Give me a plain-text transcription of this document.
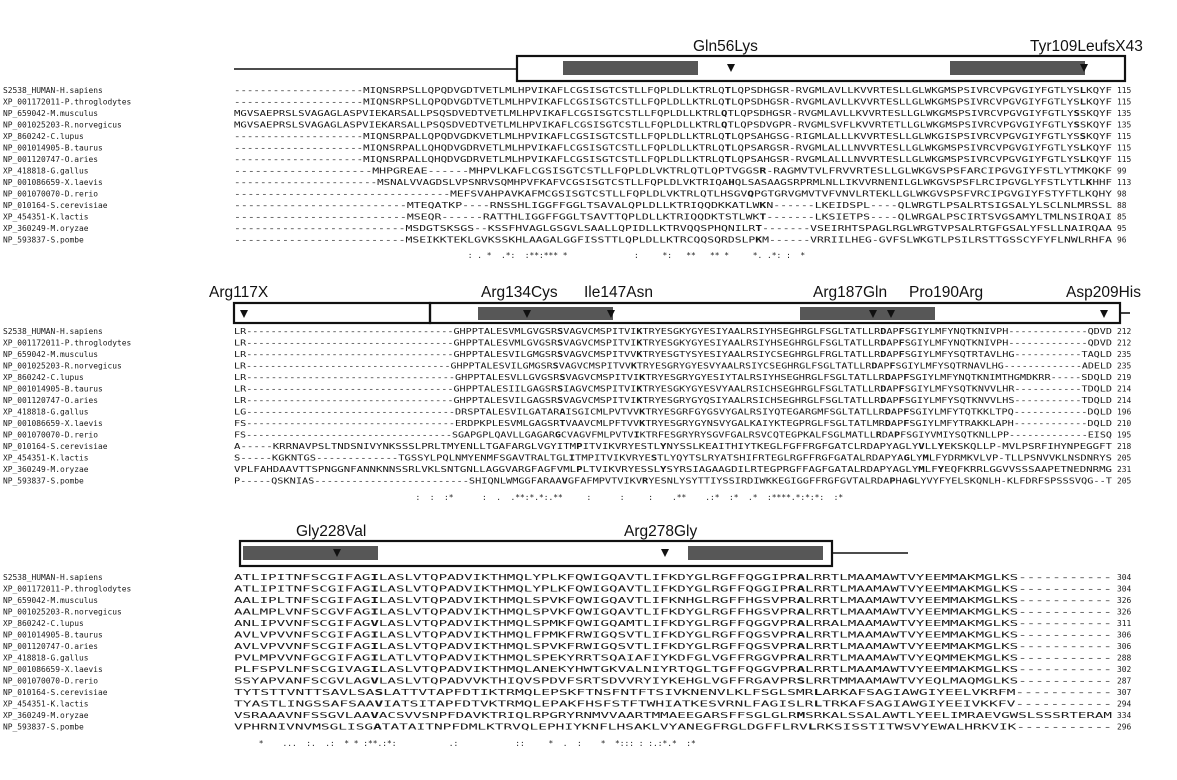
Gln56Lys	Tyr109LeufsX43
Arg117X	Arg134Cys Ile147Asn	Arg187Gln Pro190Arg	Asp209His
Gly228Val	Arg278Gly
S2538_HUMAN-H.sapiens	--------------------MIQNSRPSLLQPQDVGDTVETLMLHPVIKAFLCGSISGTCSTLLFQPLDLLKTRLQ	T LQPSDHGSR-RVGMLAVLLKVVRTESLLGLWKGMSPSIVRCVPGVGIYFGTLYS	L KQYF	115
XP_001172011-P.throglodytes	--------------------MIQNSRPSLLQPQDVGDTVETLMLHPVIKAFLCGSISGTCSTLLFQPLDLLKTRLQ	T LQPSDHGSR-RVGMLAVLLKVVRTESLLGLWKGMSPSIVRCVPGVGIYFGTLYS	L KQYF	115
NP_659042-M.musculus	MGVSAEPRSLSVAGAGLASPVIEKARSALLPSQSDVEDTVETLMLHPVIKAFLCGSISGTCSTLLFQPLDLLKTRL	Q TLQPSDHGSR-RVGMLAVLLKVVRTESLLGLWKGMSPSIVRCVPGVGIYFGTLY	S SKQYF	135
NP_001025203-R.norvegicus	MGVSAEPRSLSVAGAGLASPVIEKARSALLPSQSDVEDTVETLMLHPVIKAFLCGSISGTCSTLLFQPLDLLKTRL	Q TLQPSDVGPR-RVGMLSVFLKVVRTETLLGLWKGMSPSIVRCVPGVGIYFGTLY	S SKQYF	135
XP_860242-C.lupus	--------------------MIQNSRPALLQPQDVGDKVETLMLHPVIKAFLCGSISGTCSTLLFQPLDLLKTRLQ	T LQPSAHGSG-RIGMLALLLKVVRTESLLGLWKGISPSIVRCVPGVGIYFGTLYS	S KQYF	115
NP_001014905-B.taurus	--------------------MIQNSRPALLQHQDVGDRVETLMLHPVIKAFLCGSISGTCSTLLFQPLDLLKTRLQ	T LQPSARGSR-RVGMLALLLNVVRTESLLGLWKGMSPSIVRCVPGVGIYFGTLYS	L KQYF	115
NP_001120747-O.aries	--------------------MIQNSRPALLQHQDVGDRVETLMLHPVIKAFLCGSISGTCSTLLFQPLDLLKTRLQ	T LQPSAHGSR-RVGMLALLLNVVRTESLLGLWKGMSPSIVRCVPGVGIYFGTLYS	L KQYF	115
XP_418818-G.gallus	--------------------MHPGREAE------MHPVLKAFLCGSISGTCSTLLFQPLDLVKTRLQTLQPTVGGS	R -RAGMVTVLFRVVRTESLLGLWKGVSPSFARCIPGVGIYFSTLYTMKQKF	99
NP_001086659-X.laevis	----------------------MSNALVVAGDSLVPSNRVSQMHPVFKAFVCGSISGTCSTLLFQPLDLVKTRIQA	H QLSASAAGSRPRMLNLLIKVVRNENILGLWKGVSPSFLRCIPGVGLYFSTLYTL	K HHF	113
NP_001070070-D.rerio	--------------------------------MEFSVAHPAVKAFMCGSISGTCSTLLFQPLDLVKTRLQTLHSGV	Q PGTGRVGMVTVFVNVLRTEKLLGLWKGVSPSFVRCIPGVGIYFSTYFTLKQHY	98
NP_010164-S.cerevisiae	-------------------------MTEQATKP----RNSSHLIGGFFGGLTSAVALQPLDLLKTRIQQDKKATLW	K N------LKEIDSPL----QLWRGTLPSALRTSIGSALYLSCLNLMRSSL	88
XP_454351-K.lactis	-------------------------MSEQR------RATTHLIGGFFGGLTSAVTTQPLDLLKTRIQQDKTSTLWK	T -------LKSIETPS----QLWRGALPSCIRTSVGSAMYLTMLNSIRQAI	85
XP_360249-M.oryzae	-------------------------MSDGTSKSGS--KSSFHVAGLGSGVLSAALLQPIDLLKTRVQQSPHQNILR	T -------VSEIRHTSPAGLRGLWRGTVPSALRTGFGSALYFSLLNAIRQAA	95
NP_593837-S.pombe	-------------------------MSEIKKTEKLGVKSSKHLAAGALGGFISSTTLQPLDLLKTRCQQSQRDSLP	K M------VRRIILHEG-GVFSLWKGTLPSILRSTTGSSCYFYFLNWLRHFA	96
: . *  .*:  :**:*** *              :     *:   **   ** *     *. .*: :  *
S2538_HUMAN-H.sapiens	LR----------------------------------GHPPTALESVMLGVGSR	SVAGVCMSPITVI KTRYESGKYGYESIYAALRSIYHSEGHRGLFSGLTATLLR	DAP FSGIYLMFYNQTKNIVPH-------------QDVD	212
XP_001172011-P.throglodytes	LR----------------------------------GHPPTALESVMLGVGSR	SVAGVCMSPITVI KTRYESGKYGYESIYAALRSIYHSEGHRGLFSGLTATLLR	DAP FSGIYLMFYNQTKNIVPH-------------QDVD	212
NP_659042-M.musculus	LR----------------------------------GHPPTALESVILGMGSR	SVAGVCMSPITVV KTRYESGTYSYESIYAALRSIYCSEGHRGLFRGLTATLLR	DAP FSGIYLMFYSQTRTAVLHG-----------TAQLD	235
NP_001025203-R.norvegicus	LR----------------------------------GHPPTALESVILGMGSR	SVAGVCMSPITVV KTRYESGRYGYESVYAALRSIYCSEGHRGLFSGLTATLLR	DAP FSGIYLMFYSQTRNAVLHG-------------ADELD	235
XP_860242-C.lupus	LR----------------------------------GHPPTALESVLLGVGSR	SVAGVCMSPITVI KTRYESGRYGYESIYTALRSIYHSEGHRGLFSGLTATLLR	DAP FSGIYLMFYNQTKNIMTHGMDKRR-----SDQLD	219
NP_001014905-B.taurus	LR----------------------------------GHPPTALESIILGAGSR	SIAGVCMSPITVI KTRYESGKYGYESVYAALRSICHSEGHRGLFSGLTATLLR	DAP FSGIYLMFYSQTKNVVLHR-----------TDQLD	214
NP_001120747-O.aries	LR----------------------------------GHPPTALESVILGAGSR	SVAGVCMSPITVI KTRYESGRYGYQSIYAALRSICHSEGHRGLFSGLTATLLR	DAP FSGIYLMFYSQTKNVVLHS-----------TDQLD	214
XP_418818-G.gallus	LG----------------------------------DRSPTALESVILGATAR	AISGICMLPVTVV KTRYESGRFGYGSVYGALRSIYQTEGARGMFSGLTATLLR	DAP FSGIYLMFYTQTKKLTPQ------------DQLD	196
NP_001086659-X.laevis	FS----------------------------------ERDPKPLESVMLGAGSR	TVAAVCMLPFTVV KTRYESGRYGYNSVYGALKAIYKTEGPRGLFSGLTATLMR	DAP FSGIYLMFYTRAKKLAPH------------DQLD	210
NP_001070070-D.rerio	FS----------------------------------SGAPGPLQAVLLGAGAR	GCVAGVFMLPVTV IKTRFESGRYRYSGVFGALRSVCQTEGPKALFSGLMATLL	RDA PFSGIYVMIYSQTKNLLPP-------------EISQ	195
NP_010164-S.cerevisiae	A-----KRRNAVPSLTNDSNIVYNKSSSLPRLTMYENLLTGAFARGLVGYITM	P ITVIKVRYESTL	Y NYSSLKEAITHIYTKEGLFGFFRGFGATCLRDAPYAGLY	V LL Y EKSKQLLP-MVLPSRFIHYNPEGGFT	218
XP_454351-K.lactis	S-----KGKNTGS-------------TGSSYLPQLNMYENMFSGAVTRALTGL	I TMPITVIKVRYE S TLYQYTSLRYATSHIFRTEGLRGFFRGFGATALRDAPYA	G LY M LFYDRMKVLVP-TLLPSNVVKLNSDNRYS	205
XP_360249-M.oryzae	VPLFAHDAAVTTSPNGGNFANNKNNSSRLVKLSNTGNLLAGGVARGFAGFVML	P LTVIKVRYESSL	Y SYRSIAGAAGDILRTEGPRGFFAGFGATALRDAPYAGLY	M LF Y EQFKRRLGGVVSSSAAPETNEDNRMG	231
NP_593837-S.pombe	P-----QSKNIAS-------------------------SHIQNLWMGGFARAA	VGFAFMPVTVIKV RYESNLYSYTTIYSSIRDIWKKEGIGGFFRGFGVTALRDA	PHA GLYVYFYELSKQNLH-KLFDRFSPSSSVQG--T	205
:  :  :*      :  .  .**:*.*:.**     :      :     :    .**    .:*  :*  .*  :****.*:*:*:  :*
S2538_HUMAN-H.sapiens	ATLIPITNFSCGIFAG	I LASLVTQPADVIKTHMQLYPLKFQWIGQAVTLIFKDYGLRGFFQGGIPR	A LRRTLMAAMAWTVYEEMMAKMGLKS-----------	304
XP_001172011-P.throglodytes	ATLIPITNFSCGIFAG	I LASLVTQPADVIKTHMQLYPLKFQWIGQAVTLIFKDYGLRGFFQGGIPR	A LRRTLMAAMAWTVYEEMMAKMGLKS-----------	304
NP_659042-M.musculus	AALIPLTNFSCGIFAG	I LASLVTQPADVIKTHMQLSPVKFQWIGQAVTLIFKNHGLRGFFHGSVPR	A LRRTLMAAMAWTVYEEMMAKMGLKS-----------	326
NP_001025203-R.norvegicus	AALMPLVNFSCGVFAG	I LASLVTQPADVIKTHMQLSPVKFQWIGQAVTLIFKDYGLRGFFHGSVPR	A LRRTLMAAMAWTVYEEMMAKMGLKS-----------	326
XP_860242-C.lupus	ANLIPVVNFSCGIFAG	V LASLVTQPADVIKTHMQLSPMKFQWIGQAMTLIFKDYGLRGFFQGGVPR	A LRRALMAAMAWTVYEEMMAKMGLKS-----------	311
NP_001014905-B.taurus	AVLVPVVNFSCGIFAG	I LASLVTQPADVIKTHMQLFPMKFRWIGQSVTLIFKDYGLRGFFQGSVPR	A LRRTLMAAMAWTVYEEMMAKMGLKS-----------	306
NP_001120747-O.aries	AVLVPVVNFSCGIFAG	I LASLVTQPADVIKTHMQLSPVKFRWIGQSVTLIFKDYGLRGFFQGSVPR	A LRRTLMAAMAWTVYEEMMAKMGLKS-----------	306
XP_418818-G.gallus	PVLMPVVNFGCGIFAG	I LATLVTQPADVIKTHMQLSPEKYRRTSQAIAFIYKDFGLVGFFRGGVPR	A LRRTLMAAMAWTVYEQMMEKMGLKS-----------	288
NP_001086659-X.laevis	PLFSPVLNFSCGIVAG	I LASLVTQPADVIKTHMQLANEKYHWTGKVALNIYRTQGLTGFFQGGVPR	A LRRTLMAAMAWTVYEEMMAKMGLKS-----------	302
NP_001070070-D.rerio	SSYAPVANFSCGVLAG	V LASLVTQPADVVKTHIQVSPDVFSRTSDVVRYIYKEHGLVGFFRGAVPR	S LRRTMMAAMAWTVYEQLMAQMGLKS-----------	287
NP_010164-S.cerevisiae	TYTSTTVNTTSAVLSA	S LATTVTAPFDTIKTRMQLEPSKFTNSFNTFTSIVKNENVLKLFSGLSMR	L ARKAFSAGIAWGIYEELVKRFM-----------	307
XP_454351-K.lactis	TYASTLINGSSAFSAA	V IATSITAPFDTVKTRMQLEPAKFHSFSTFTWHIATKESVRNLFAGISLR	L TRKAFSAGIAWGIYEEIVKKFV-----------	294
XP_360249-M.oryzae	VSRAAAVNFSSGVLAA	V ACSVVSNPFDAVKTRIQLRPGRYRNMVVAARTMMAEEGARSFFSGLGLR	M SRKALSSALAWTLYEELIMRAEVGWSLSSSRTERAM	334
NP_593837-S.pombe	VPHRNIVNVMSGLISG	A TATAITNPFDMLKTRVQLEPHIYKNFLHSAKLVYANEGFRGLDGFFLRV	L RKSISSTITWSVYEWALHRKVIK-----------	296
*    ...  :.  .:  * * :**.:*:           .:            ::     *  .  :    *  *::: : :.:*.*  :*
